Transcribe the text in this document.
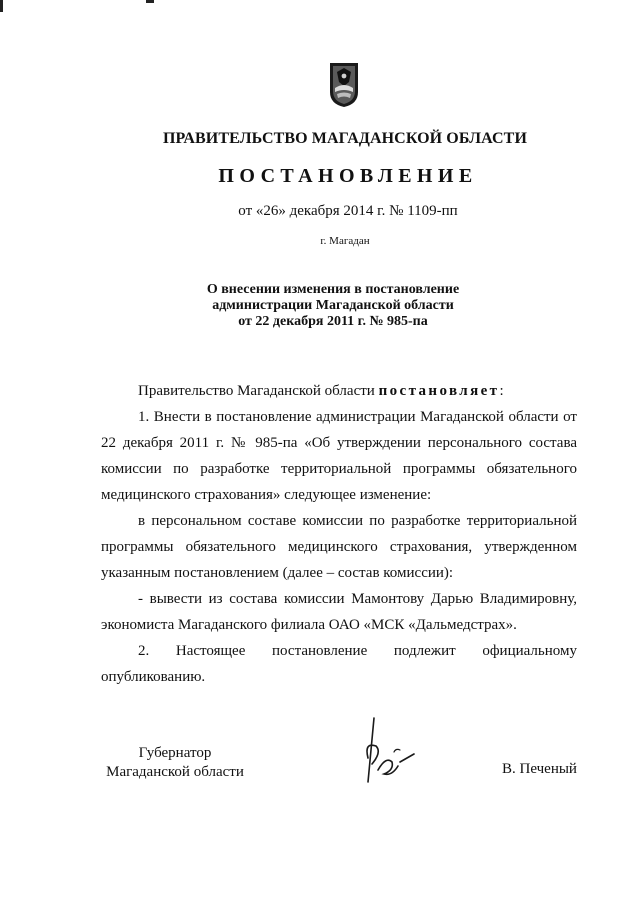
ПРАВИТЕЛЬСТВО МАГАДАНСКОЙ ОБЛАСТИ
ПОСТАНОВЛЕНИЕ
от «26» декабря 2014 г. № 1109-пп
г. Магадан
О внесении изменения в постановление
администрации Магаданской области
от 22 декабря 2011 г. № 985-па

Правительство Магаданской области постановляет:

1. Внести в постановление администрации Магаданской области от 22 декабря 2011 г. № 985-па «Об утверждении персонального состава комиссии по разработке территориальной программы обязательного медицинского страхования» следующее изменение:

в персональном составе комиссии по разработке территориальной программы обязательного медицинского страхования, утвержденном указанным постановлением (далее – состав комиссии):

- вывести из состава комиссии Мамонтову Дарью Владимировну, экономиста Магаданского филиала ОАО «МСК «Дальмедстрах».

2. Настоящее постановление подлежит официальному опубликованию.

Губернатор
Магаданской области	В. Печеный
